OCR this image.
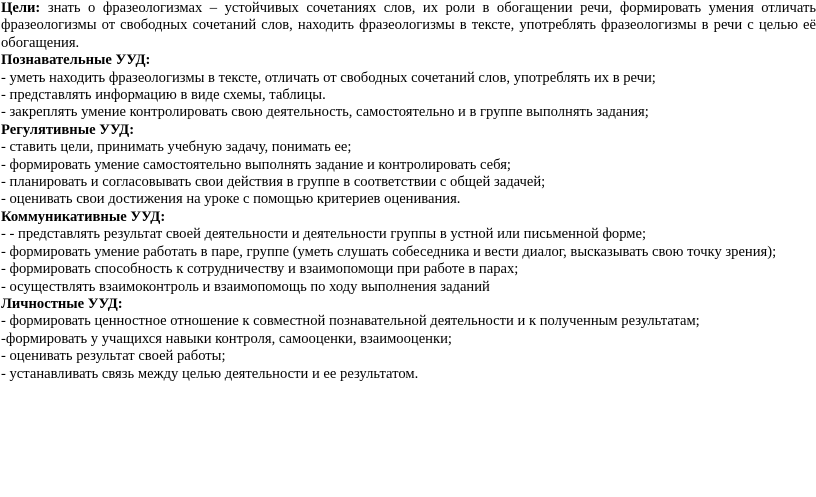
Цели: знать о фразеологизмах – устойчивых сочетаниях слов, их роли в обогащении речи, формировать умения отличать фразеологизмы от свободных сочетаний слов, находить фразеологизмы в тексте, употреблять фразеологизмы в речи с целью её обогащения.
Познавательные УУД:
- уметь находить фразеологизмы в тексте, отличать от свободных сочетаний слов, употреблять их в речи;
- представлять информацию в виде схемы, таблицы.
- закреплять умение контролировать свою деятельность, самостоятельно и в группе выполнять задания;
Регулятивные УУД:
- ставить цели, принимать учебную задачу, понимать ее;
- формировать умение самостоятельно выполнять задание и контролировать себя;
- планировать и согласовывать свои действия в группе в соответствии с общей задачей;
- оценивать свои достижения на уроке с помощью критериев оценивания.
Коммуникативные УУД:
- - представлять результат своей деятельности и деятельности группы в устной или письменной форме;
- формировать умение работать в паре, группе (уметь слушать собеседника и вести диалог, высказывать свою точку зрения);
- формировать способность к сотрудничеству и взаимопомощи при работе в парах;
- осуществлять взаимоконтроль и взаимопомощь по ходу выполнения заданий
Личностные УУД:
- формировать ценностное отношение к совместной познавательной деятельности и к полученным результатам;
-формировать у учащихся навыки контроля, самооценки, взаимооценки;
- оценивать результат своей работы;
- устанавливать связь между целью деятельности и ее результатом.
